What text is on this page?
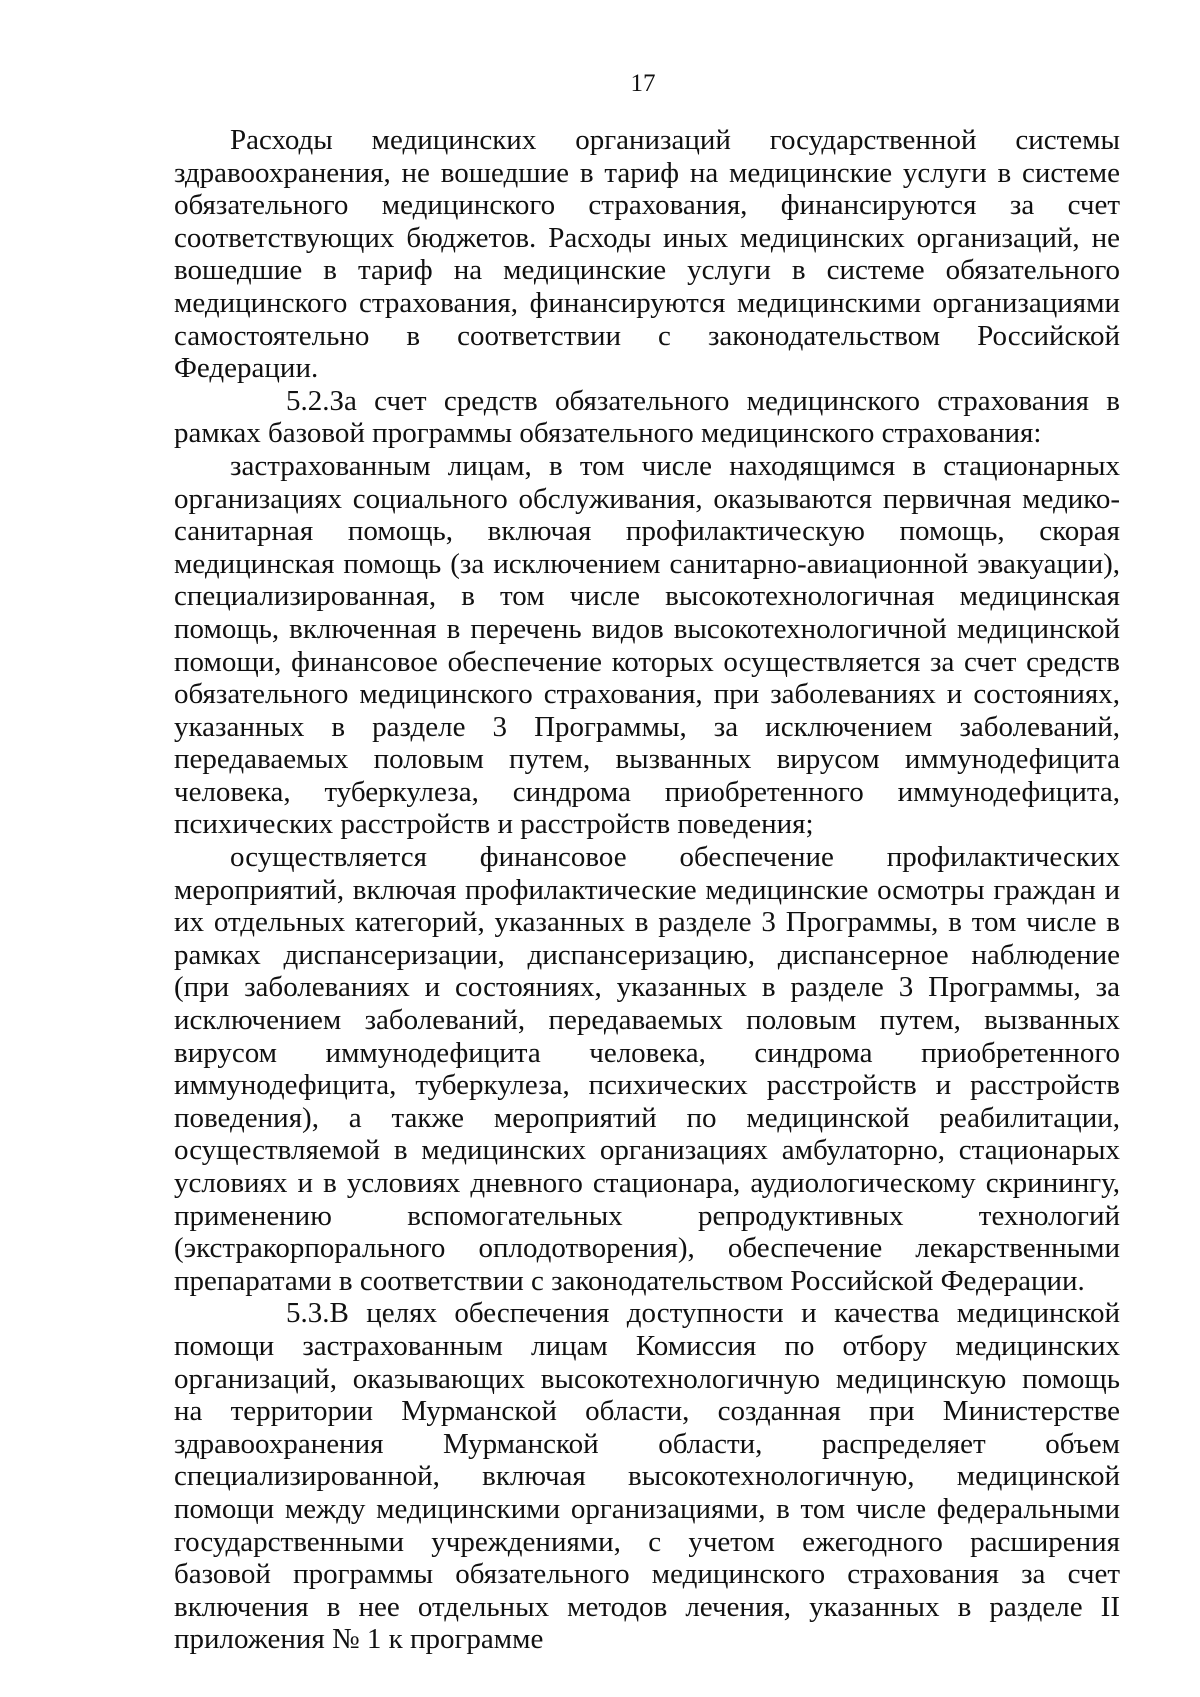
17

Расходы медицинских организаций государственной системы здравоохранения, не вошедшие в тариф на медицинские услуги в системе обязательного медицинского страхования, финансируются за счет соответствующих бюджетов. Расходы иных медицинских организаций, не вошедшие в тариф на медицинские услуги в системе обязательного медицинского страхования, финансируются медицинскими организациями самостоятельно в соответствии с законодательством Российской Федерации.

5.2.За счет средств обязательного медицинского страхования в рамках базовой программы обязательного медицинского страхования:

застрахованным лицам, в том числе находящимся в стационарных организациях социального обслуживания, оказываются первичная медико-санитарная помощь, включая профилактическую помощь, скорая медицинская помощь (за исключением санитарно-авиационной эвакуации), специализированная, в том числе высокотехнологичная медицинская помощь, включенная в перечень видов высокотехнологичной медицинской помощи, финансовое обеспечение которых осуществляется за счет средств обязательного медицинского страхования, при заболеваниях и состояниях, указанных в разделе 3 Программы, за исключением заболеваний, передаваемых половым путем, вызванных вирусом иммунодефицита человека, туберкулеза, синдрома приобретенного иммунодефицита, психических расстройств и расстройств поведения;

осуществляется финансовое обеспечение профилактических мероприятий, включая профилактические медицинские осмотры граждан и их отдельных категорий, указанных в разделе 3 Программы, в том числе в рамках диспансеризации, диспансеризацию, диспансерное наблюдение (при заболеваниях и состояниях, указанных в разделе 3 Программы, за исключением заболеваний, передаваемых половым путем, вызванных вирусом иммунодефицита человека, синдрома приобретенного иммунодефицита, туберкулеза, психических расстройств и расстройств поведения), а также мероприятий по медицинской реабилитации, осуществляемой в медицинских организациях амбулаторно, стационарых условиях и в условиях дневного стационара, аудиологическому скринингу, применению вспомогательных репродуктивных технологий (экстракорпорального оплодотворения), обеспечение лекарственными препаратами в соответствии с законодательством Российской Федерации.

5.3.В целях обеспечения доступности и качества медицинской помощи застрахованным лицам Комиссия по отбору медицинских организаций, оказывающих высокотехнологичную медицинскую помощь на территории Мурманской области, созданная при Министерстве здравоохранения Мурманской области, распределяет объем специализированной, включая высокотехнологичную, медицинской помощи между медицинскими организациями, в том числе федеральными государственными учреждениями, с учетом ежегодного расширения базовой программы обязательного медицинского страхования за счет включения в нее отдельных методов лечения, указанных в разделе II приложения № 1 к программе
